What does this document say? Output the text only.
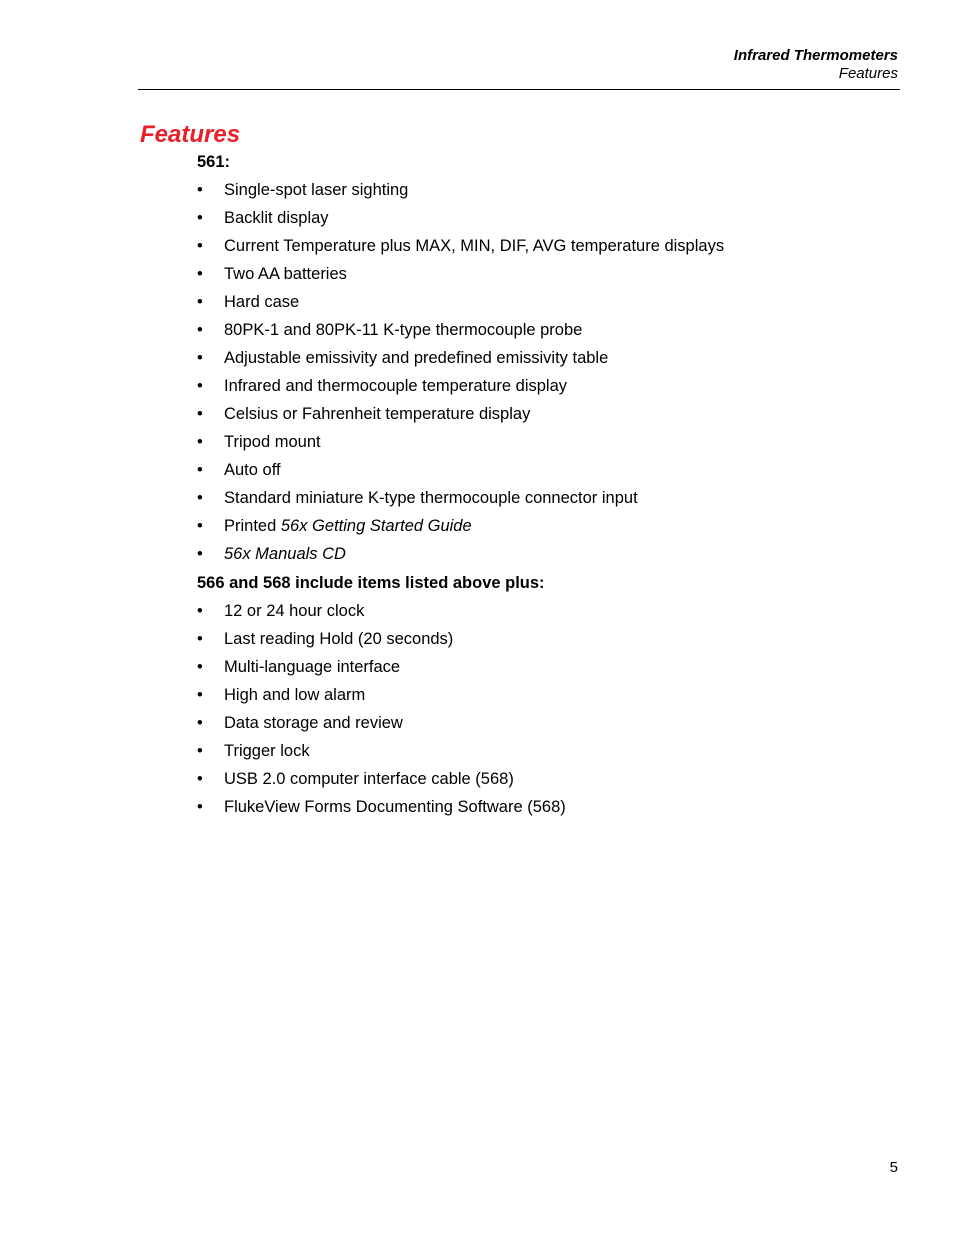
Infrared Thermometers
Features
Features

561:

• Single-spot laser sighting
• Backlit display
• Current Temperature plus MAX, MIN, DIF, AVG temperature displays
• Two AA batteries
• Hard case
• 80PK-1 and 80PK-11 K-type thermocouple probe
• Adjustable emissivity and predefined emissivity table
• Infrared and thermocouple temperature display
• Celsius or Fahrenheit temperature display
• Tripod mount
• Auto off
• Standard miniature K-type thermocouple connector input
• Printed 56x Getting Started Guide
• 56x Manuals CD

566 and 568 include items listed above plus:

• 12 or 24 hour clock
• Last reading Hold (20 seconds)
• Multi-language interface
• High and low alarm
• Data storage and review
• Trigger lock
• USB 2.0 computer interface cable (568)
• FlukeView Forms Documenting Software (568)
5
